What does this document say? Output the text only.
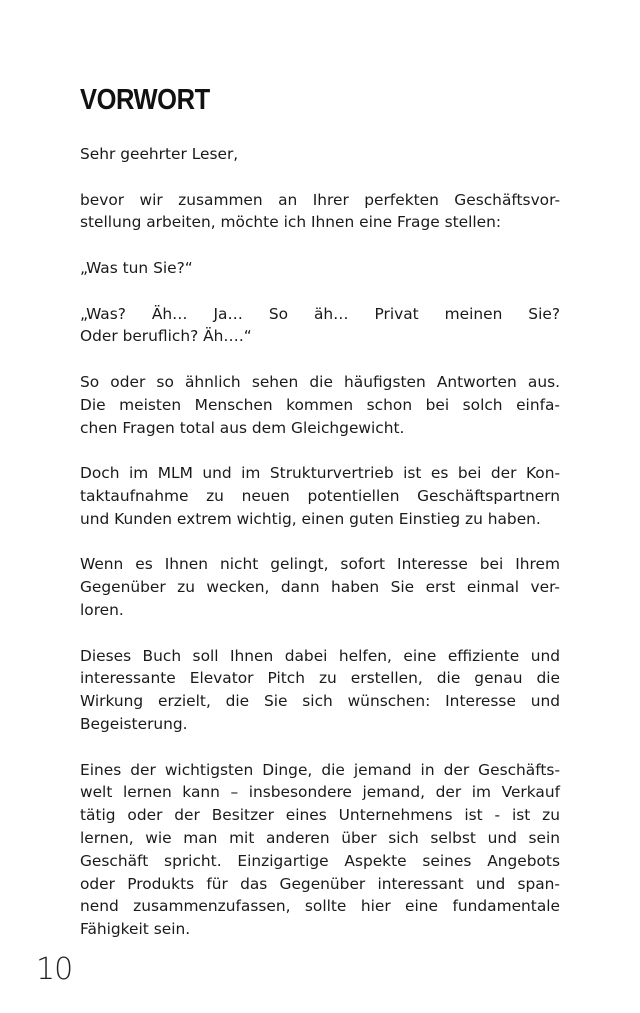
VORWORT

Sehr geehrter Leser,

bevor wir zusammen an Ihrer perfekten Geschäftsvor-
stellung arbeiten, möchte ich Ihnen eine Frage stellen:

„Was tun Sie?“

„Was? Äh… Ja… So äh… Privat meinen Sie?
Oder beruflich? Äh….“

So oder so ähnlich sehen die häufigsten Antworten aus.
Die meisten Menschen kommen schon bei solch einfa-
chen Fragen total aus dem Gleichgewicht.

Doch im MLM und im Strukturvertrieb ist es bei der Kon-
taktaufnahme zu neuen potentiellen Geschäftspartnern
und Kunden extrem wichtig, einen guten Einstieg zu haben.

Wenn es Ihnen nicht gelingt, sofort Interesse bei Ihrem
Gegenüber zu wecken, dann haben Sie erst einmal ver-
loren.

Dieses Buch soll Ihnen dabei helfen, eine effiziente und
interessante Elevator Pitch zu erstellen, die genau die
Wirkung erzielt, die Sie sich wünschen: Interesse und
Begeisterung.

Eines der wichtigsten Dinge, die jemand in der Geschäfts-
welt lernen kann – insbesondere jemand, der im Verkauf
tätig oder der Besitzer eines Unternehmens ist - ist zu
lernen, wie man mit anderen über sich selbst und sein
Geschäft spricht. Einzigartige Aspekte seines Angebots
oder Produkts für das Gegenüber interessant und span-
nend zusammenzufassen, sollte hier eine fundamentale
Fähigkeit sein.

10
